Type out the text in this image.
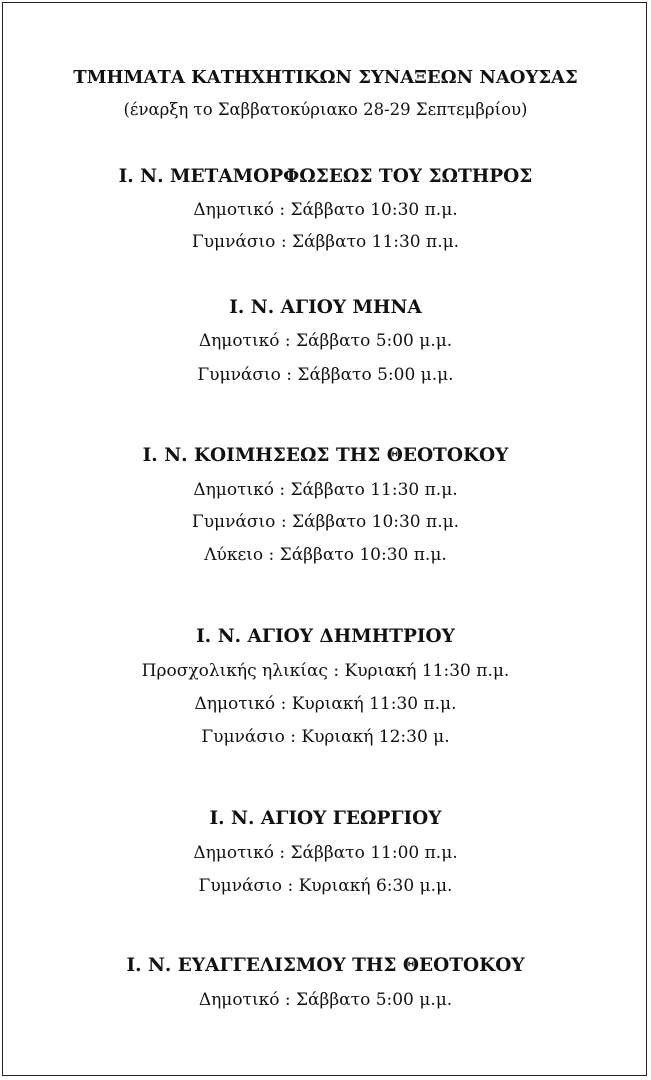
ΤΜΗΜΑΤΑ ΚΑΤΗΧΗΤΙΚΩΝ ΣΥΝΑΞΕΩΝ ΝΑΟΥΣΑΣ
(έναρξη το Σαββατοκύριακο 28-29 Σεπτεμβρίου)
Ι. Ν. ΜΕΤΑΜΟΡΦΩΣΕΩΣ ΤΟΥ ΣΩΤΗΡΟΣ
Δημοτικό : Σάββατο 10:30 π.μ.
Γυμνάσιο : Σάββατο 11:30 π.μ.
Ι. Ν. ΑΓΙΟΥ ΜΗΝΑ
Δημοτικό : Σάββατο 5:00 μ.μ.
Γυμνάσιο : Σάββατο 5:00 μ.μ.
Ι. Ν. ΚΟΙΜΗΣΕΩΣ ΤΗΣ ΘΕΟΤΟΚΟΥ
Δημοτικό : Σάββατο 11:30 π.μ.
Γυμνάσιο : Σάββατο 10:30 π.μ.
Λύκειο : Σάββατο 10:30 π.μ.
Ι. Ν. ΑΓΙΟΥ ΔΗΜΗΤΡΙΟΥ
Προσχολικής ηλικίας : Κυριακή 11:30 π.μ.
Δημοτικό : Κυριακή 11:30 π.μ.
Γυμνάσιο : Κυριακή 12:30 μ.
Ι. Ν. ΑΓΙΟΥ ΓΕΩΡΓΙΟΥ
Δημοτικό : Σάββατο 11:00 π.μ.
Γυμνάσιο : Κυριακή 6:30 μ.μ.
Ι. Ν. ΕΥΑΓΓΕΛΙΣΜΟΥ ΤΗΣ ΘΕΟΤΟΚΟΥ
Δημοτικό : Σάββατο 5:00 μ.μ.
